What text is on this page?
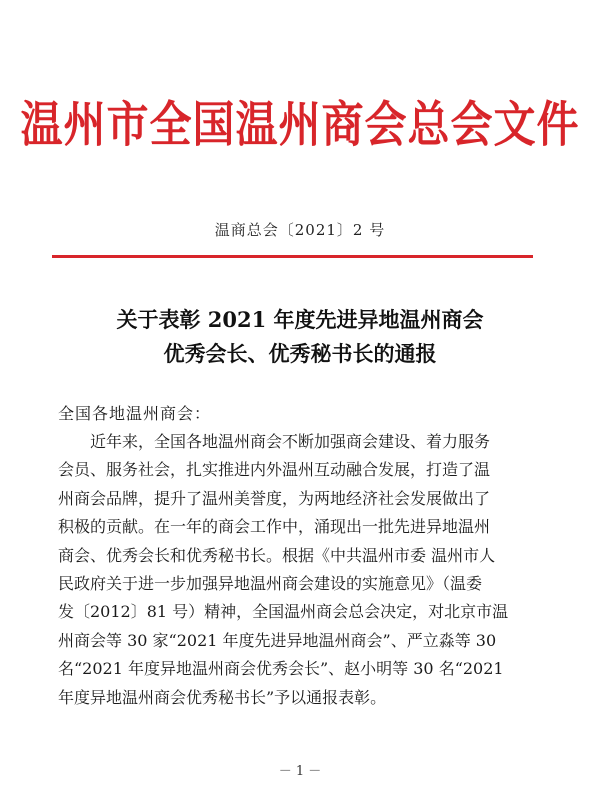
温州市全国温州商会总会文件
温商总会〔2021〕2 号
关于表彰 2021 年度先进异地温州商会
优秀会长、优秀秘书长的通报
全国各地温州商会：
　　近年来，全国各地温州商会不断加强商会建设、着力服务
会员、服务社会，扎实推进内外温州互动融合发展，打造了温
州商会品牌，提升了温州美誉度，为两地经济社会发展做出了
积极的贡献。在一年的商会工作中，涌现出一批先进异地温州
商会、优秀会长和优秀秘书长。根据《中共温州市委 温州市人
民政府关于进一步加强异地温州商会建设的实施意见》（温委
发〔2012〕81 号）精神，全国温州商会总会决定，对北京市温
州商会等 30 家“2021 年度先进异地温州商会”、严立淼等 30
名“2021 年度异地温州商会优秀会长”、赵小明等 30 名“2021
年度异地温州商会优秀秘书长”予以通报表彰。
－ 1 －
